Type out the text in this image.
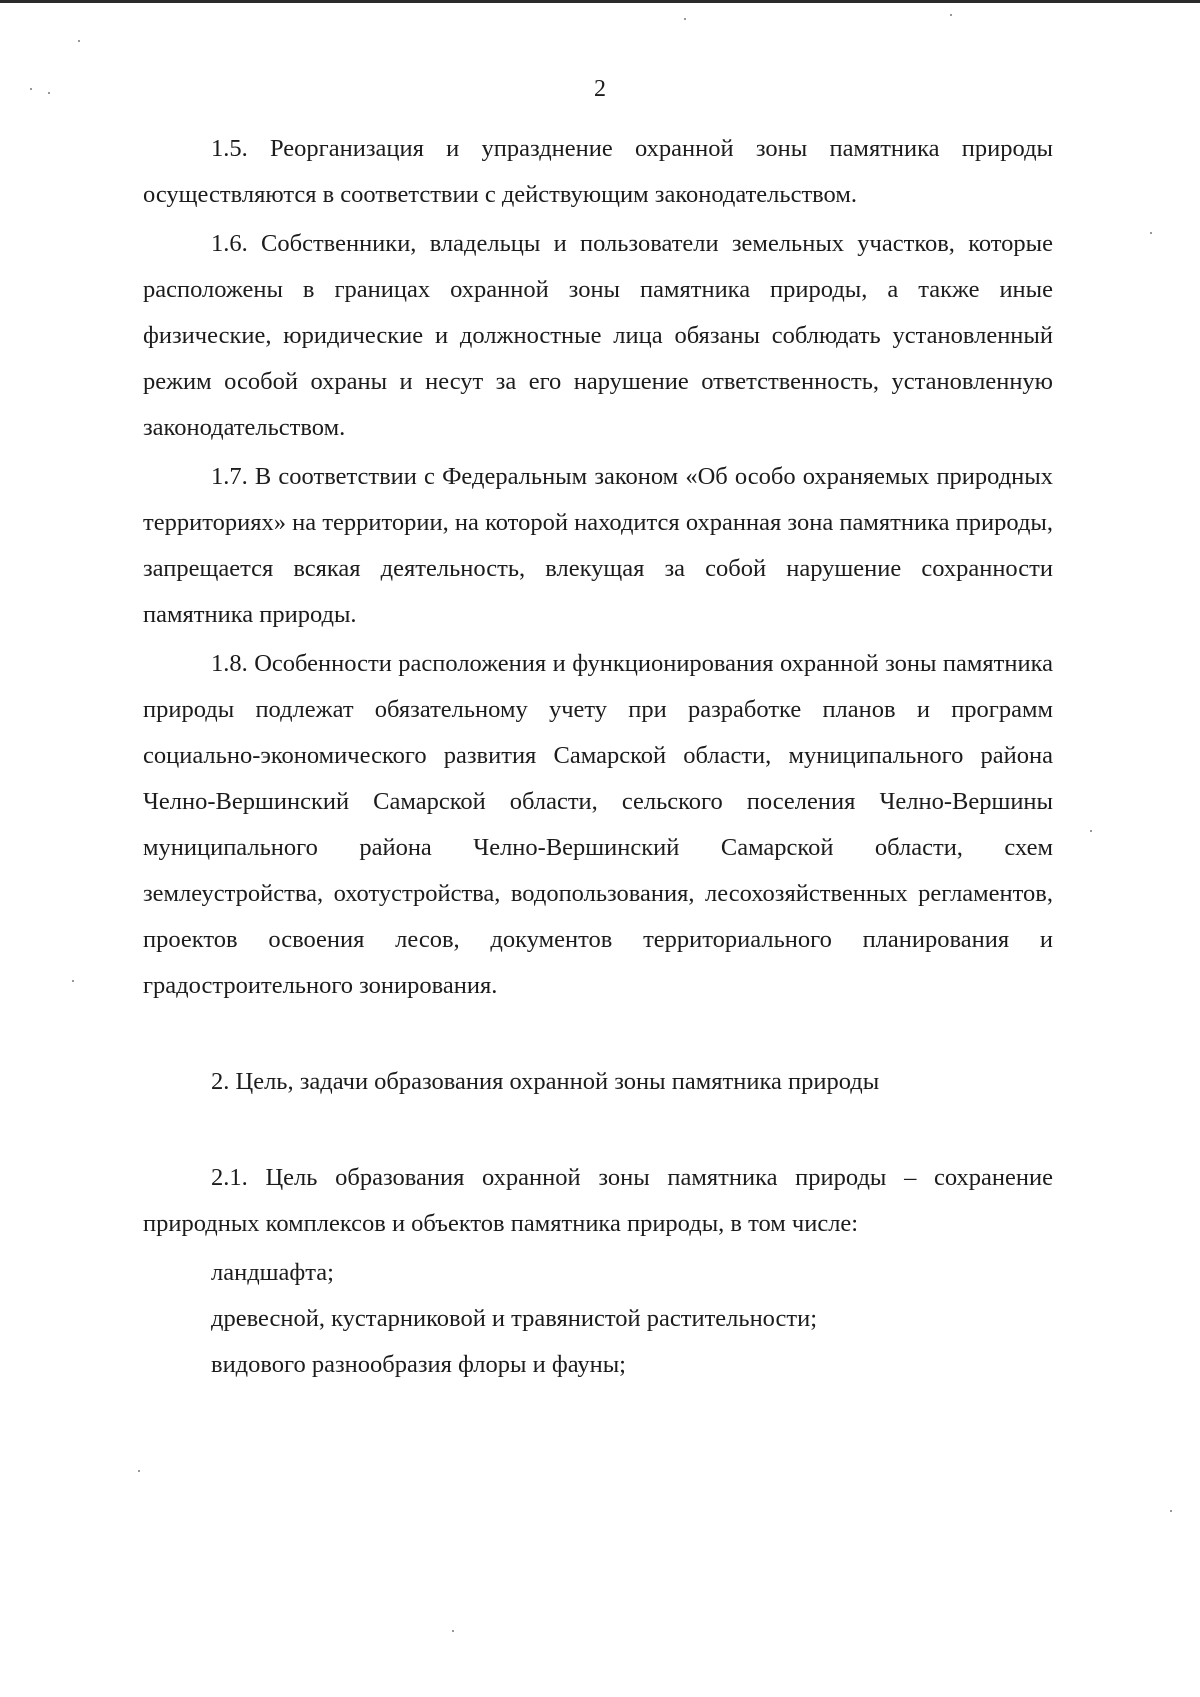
2

1.5. Реорганизация и упразднение охранной зоны памятника природы осуществляются в соответствии с действующим законодательством.

1.6. Собственники, владельцы и пользователи земельных участков, которые расположены в границах охранной зоны памятника природы, а также иные физические, юридические и должностные лица обязаны соблюдать установленный режим особой охраны и несут за его нарушение ответственность, установленную законодательством.

1.7. В соответствии с Федеральным законом «Об особо охраняемых природных территориях» на территории, на которой находится охранная зона памятника природы, запрещается всякая деятельность, влекущая за собой нарушение сохранности памятника природы.

1.8. Особенности расположения и функционирования охранной зоны памятника природы подлежат обязательному учету при разработке планов и программ социально-экономического развития Самарской области, муниципального района Челно-Вершинский Самарской области, сельского поселения Челно-Вершины муниципального района Челно-Вершинский Самарской области, схем землеустройства, охотустройства, водопользования, лесохозяйственных регламентов, проектов освоения лесов, документов территориального планирования и градостроительного зонирования.

2. Цель, задачи образования охранной зоны памятника природы

2.1. Цель образования охранной зоны памятника природы – сохранение природных комплексов и объектов памятника природы, в том числе:

ландшафта;
древесной, кустарниковой и травянистой растительности;
видового разнообразия флоры и фауны;
